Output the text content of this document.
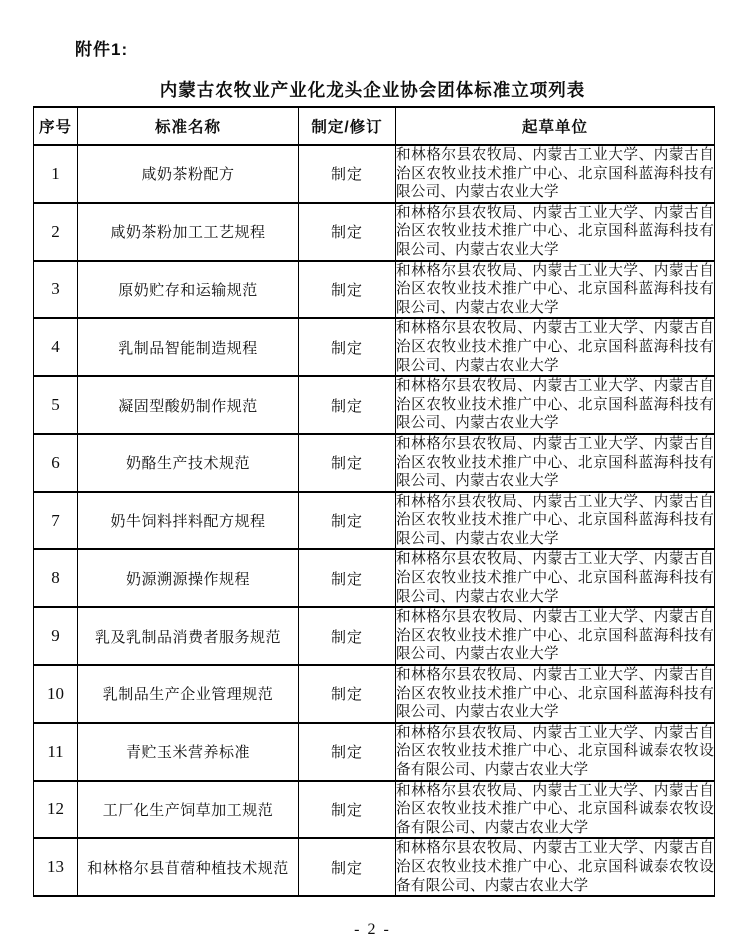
附件1:
内蒙古农牧业产业化龙头企业协会团体标准立项列表
序号	标准名称	制定/修订	起草单位
1	咸奶茶粉配方	制定	和林格尔县农牧局、内蒙古工业大学、内蒙古自治区农牧业技术推广中心、北京国科蓝海科技有限公司、内蒙古农业大学
2	咸奶茶粉加工工艺规程	制定	和林格尔县农牧局、内蒙古工业大学、内蒙古自治区农牧业技术推广中心、北京国科蓝海科技有限公司、内蒙古农业大学
3	原奶贮存和运输规范	制定	和林格尔县农牧局、内蒙古工业大学、内蒙古自治区农牧业技术推广中心、北京国科蓝海科技有限公司、内蒙古农业大学
4	乳制品智能制造规程	制定	和林格尔县农牧局、内蒙古工业大学、内蒙古自治区农牧业技术推广中心、北京国科蓝海科技有限公司、内蒙古农业大学
5	凝固型酸奶制作规范	制定	和林格尔县农牧局、内蒙古工业大学、内蒙古自治区农牧业技术推广中心、北京国科蓝海科技有限公司、内蒙古农业大学
6	奶酪生产技术规范	制定	和林格尔县农牧局、内蒙古工业大学、内蒙古自治区农牧业技术推广中心、北京国科蓝海科技有限公司、内蒙古农业大学
7	奶牛饲料拌料配方规程	制定	和林格尔县农牧局、内蒙古工业大学、内蒙古自治区农牧业技术推广中心、北京国科蓝海科技有限公司、内蒙古农业大学
8	奶源溯源操作规程	制定	和林格尔县农牧局、内蒙古工业大学、内蒙古自治区农牧业技术推广中心、北京国科蓝海科技有限公司、内蒙古农业大学
9	乳及乳制品消费者服务规范	制定	和林格尔县农牧局、内蒙古工业大学、内蒙古自治区农牧业技术推广中心、北京国科蓝海科技有限公司、内蒙古农业大学
10	乳制品生产企业管理规范	制定	和林格尔县农牧局、内蒙古工业大学、内蒙古自治区农牧业技术推广中心、北京国科蓝海科技有限公司、内蒙古农业大学
11	青贮玉米营养标准	制定	和林格尔县农牧局、内蒙古工业大学、内蒙古自治区农牧业技术推广中心、北京国科诚泰农牧设备有限公司、内蒙古农业大学
12	工厂化生产饲草加工规范	制定	和林格尔县农牧局、内蒙古工业大学、内蒙古自治区农牧业技术推广中心、北京国科诚泰农牧设备有限公司、内蒙古农业大学
13	和林格尔县苜蓿种植技术规范	制定	和林格尔县农牧局、内蒙古工业大学、内蒙古自治区农牧业技术推广中心、北京国科诚泰农牧设备有限公司、内蒙古农业大学
- 2 -
